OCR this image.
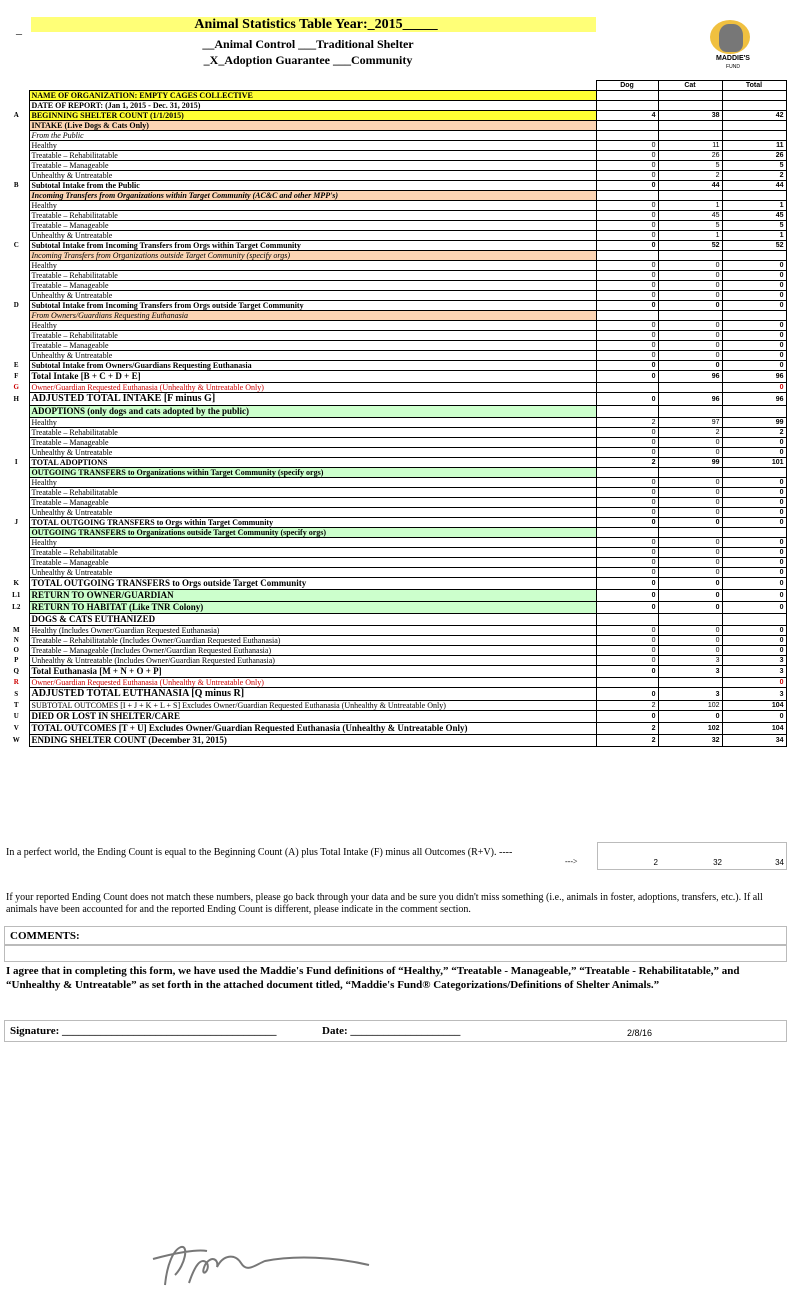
_	Animal Statistics Table Year:_2015_____
__Animal Control ___Traditional Shelter
_X_Adoption Guarantee ___Community	MADDIE'S
FUND
		Dog	Cat	Total
	NAME OF ORGANIZATION: EMPTY CAGES COLLECTIVE			
	DATE OF REPORT: (Jan 1, 2015 - Dec. 31, 2015)			
A	BEGINNING SHELTER COUNT (1/1/2015)	4	38	42
	INTAKE (Live Dogs & Cats Only)			
	From the Public			
	Healthy	0	11	11
	Treatable – Rehabilitatable	0	26	26
	Treatable – Manageable	0	5	5
	Unhealthy & Untreatable	0	2	2
B	Subtotal Intake from the Public	0	44	44
	Incoming Transfers from Organizations within Target Community (AC&C and other MPP's)			
	Healthy	0	1	1
	Treatable – Rehabilitatable	0	45	45
	Treatable – Manageable	0	5	5
	Unhealthy & Untreatable	0	1	1
C	Subtotal Intake from Incoming Transfers from Orgs within Target Community	0	52	52
	Incoming Transfers from Organizations outside Target Community (specify orgs)			
	Healthy	0	0	0
	Treatable – Rehabilitatable	0	0	0
	Treatable – Manageable	0	0	0
	Unhealthy & Untreatable	0	0	0
D	Subtotal Intake from Incoming Transfers from Orgs outside Target Community	0	0	0
	From Owners/Guardians Requesting Euthanasia			
	Healthy	0	0	0
	Treatable – Rehabilitatable	0	0	0
	Treatable – Manageable	0	0	0
	Unhealthy & Untreatable	0	0	0
E	Subtotal Intake from Owners/Guardians Requesting Euthanasia	0	0	0
F	Total Intake [B + C + D + E]	0	96	96
G	Owner/Guardian Requested Euthanasia (Unhealthy & Untreatable Only)			0
H	ADJUSTED TOTAL INTAKE [F minus G]	0	96	96
	ADOPTIONS (only dogs and cats adopted by the public)			
	Healthy	2	97	99
	Treatable – Rehabilitatable	0	2	2
	Treatable – Manageable	0	0	0
	Unhealthy & Untreatable	0	0	0
I	TOTAL ADOPTIONS	2	99	101
	OUTGOING TRANSFERS to Organizations within Target Community (specify orgs)			
	Healthy	0	0	0
	Treatable – Rehabilitatable	0	0	0
	Treatable – Manageable	0	0	0
	Unhealthy & Untreatable	0	0	0
J	TOTAL OUTGOING TRANSFERS to Orgs within Target Community	0	0	0
	OUTGOING TRANSFERS to Organizations outside Target Community (specify orgs)			
	Healthy	0	0	0
	Treatable – Rehabilitatable	0	0	0
	Treatable – Manageable	0	0	0
	Unhealthy & Untreatable	0	0	0
K	TOTAL OUTGOING TRANSFERS to Orgs outside Target Community	0	0	0
L1	RETURN TO OWNER/GUARDIAN	0	0	0
L2	RETURN TO HABITAT (Like TNR Colony)	0	0	0
	DOGS & CATS EUTHANIZED			
M	Healthy (Includes Owner/Guardian Requested Euthanasia)	0	0	0
N	Treatable – Rehabilitatable (Includes Owner/Guardian Requested Euthanasia)	0	0	0
O	Treatable – Manageable (Includes Owner/Guardian Requested Euthanasia)	0	0	0
P	Unhealthy & Untreatable (Includes Owner/Guardian Requested Euthanasia)	0	3	3
Q	Total Euthanasia [M + N + O + P]	0	3	3
R	Owner/Guardian Requested Euthanasia (Unhealthy & Untreatable Only)			0
S	ADJUSTED TOTAL EUTHANASIA [Q minus R]	0	3	3
T	SUBTOTAL OUTCOMES [I + J + K + L + S] Excludes Owner/Guardian Requested Euthanasia (Unhealthy & Untreatable Only)	2	102	104
U	DIED OR LOST IN SHELTER/CARE	0	0	0
V	TOTAL OUTCOMES [T + U] Excludes Owner/Guardian Requested Euthanasia (Unhealthy & Untreatable Only)	2	102	104
W	ENDING SHELTER COUNT (December 31, 2015)	2	32	34
In a perfect world, the Ending Count is equal to the Beginning Count (A) plus Total Intake (F) minus all Outcomes (R+V). ----
--->	2	32	34
If your reported Ending Count does not match these numbers, please go back through your data and be sure you didn't miss something (i.e., animals in foster, adoptions, transfers, etc.). If all animals have been accounted for and the reported Ending Count is different, please indicate in the comment section.
COMMENTS:
I agree that in completing this form, we have used the Maddie's Fund definitions of “Healthy,” “Treatable - Manageable,” “Treatable - Rehabilitatable,” and “Unhealthy & Untreatable” as set forth in the attached document titled, “Maddie's Fund® Categorizations/Definitions of Shelter Animals.”
Signature: _______________________________________	Date: ____________________	2/8/16
